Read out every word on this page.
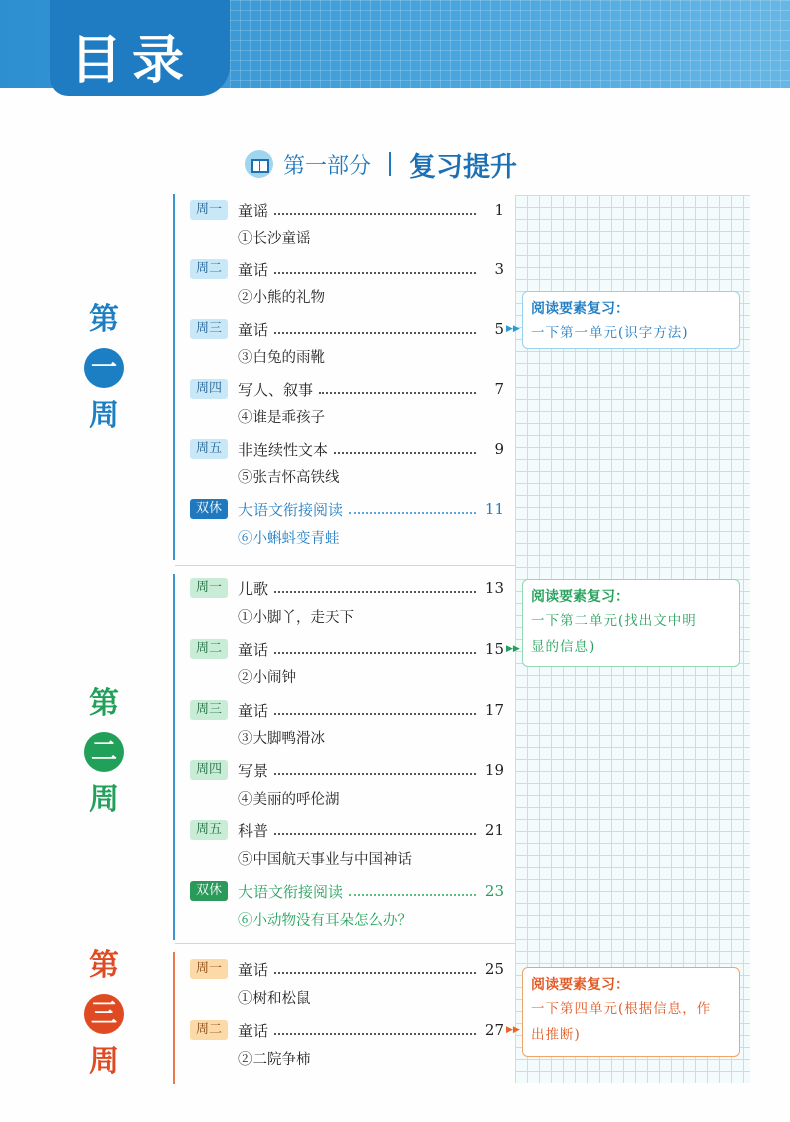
目录
第一部分 复习提升
第
一
周
第
二
周
第
三
周
周一	童谣	1
①长沙童谣
周二	童话	3
②小熊的礼物
周三	童话	5 ▶▶
③白兔的雨靴
周四	写人、叙事	7
④谁是乖孩子
周五	非连续性文本	9
⑤张吉怀高铁线
双休	大语文衔接阅读	11
⑥小蝌蚪变青蛙
周一	儿歌	13
①小脚丫，走天下
周二	童话	15 ▶▶
②小闹钟
周三	童话	17
③大脚鸭滑冰
周四	写景	19
④美丽的呼伦湖
周五	科普	21
⑤中国航天事业与中国神话
双休	大语文衔接阅读	23
⑥小动物没有耳朵怎么办？
周一	童话	25
①树和松鼠
周二	童话	27 ▶▶
②二院争柿
阅读要素复习：
一下第一单元(识字方法)
阅读要素复习：
一下第二单元(找出文中明
显的信息)
阅读要素复习：
一下第四单元(根据信息，作
出推断)
